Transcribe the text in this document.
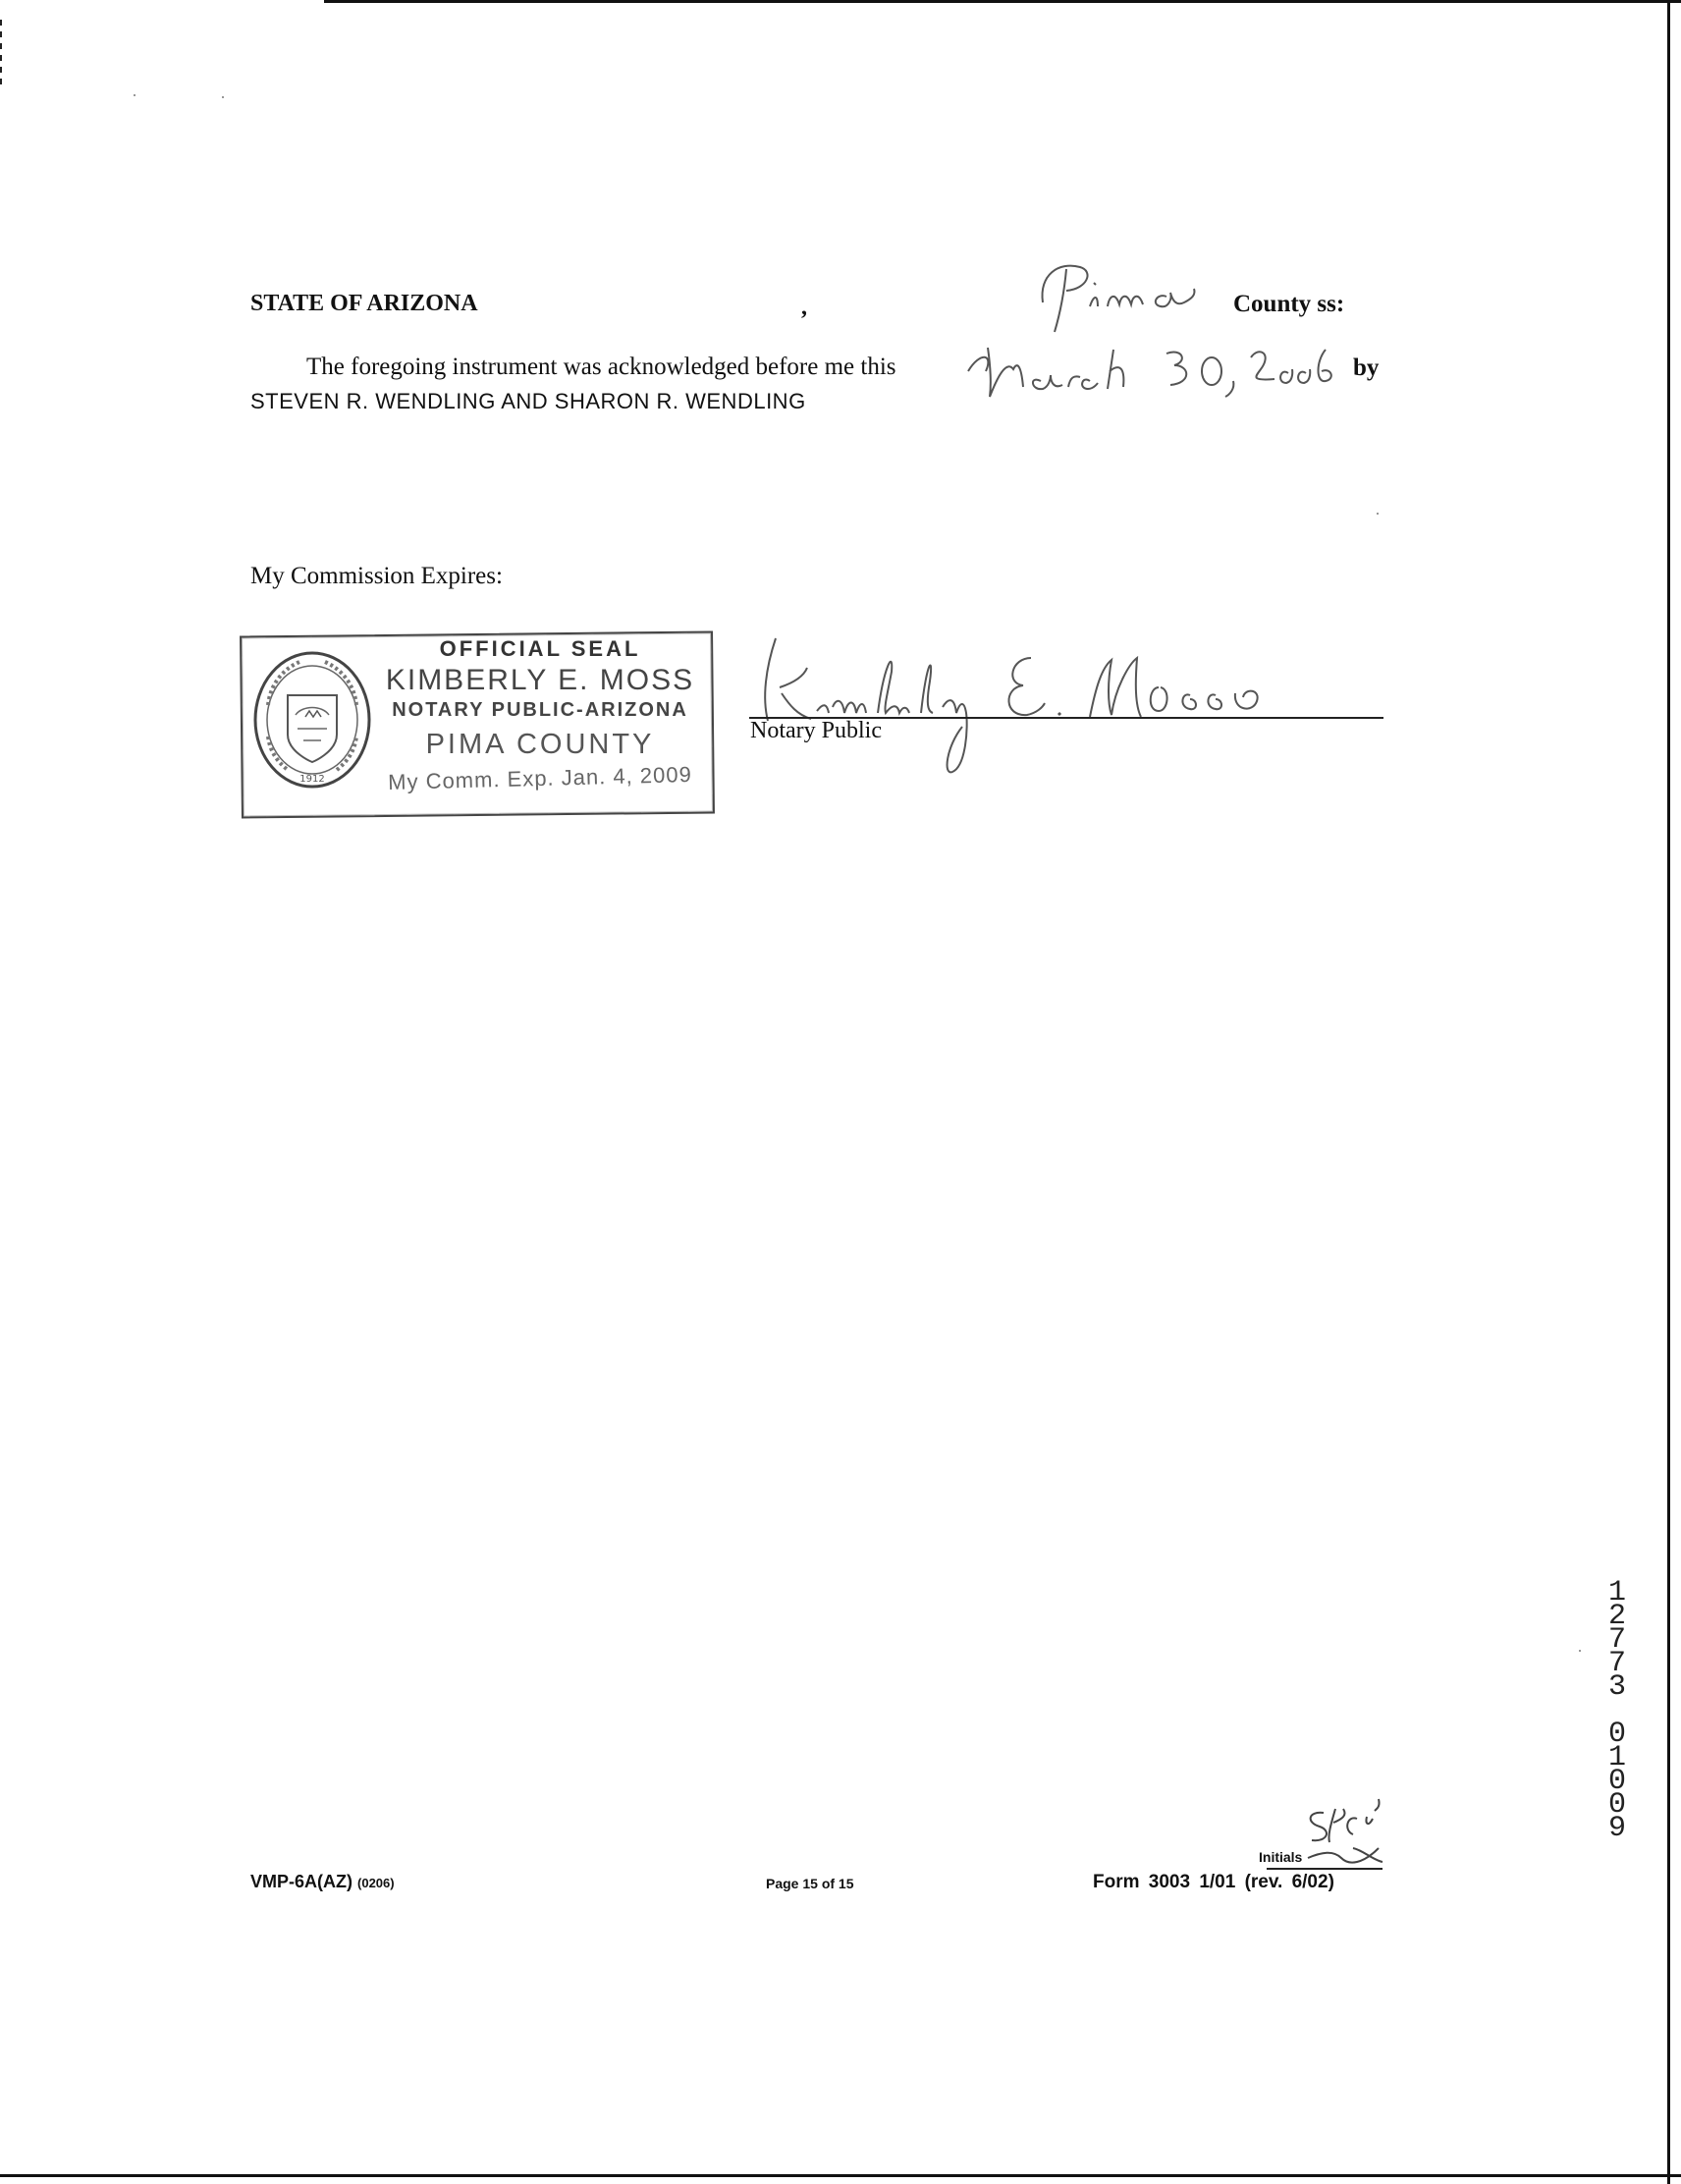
STATE OF ARIZONA	,	County ss:
The foregoing instrument was acknowledged before me this	by
STEVEN R. WENDLING AND SHARON R. WENDLING
My Commission Expires:
1912
OFFICIAL SEAL
KIMBERLY E. MOSS
NOTARY PUBLIC-ARIZONA
PIMA COUNTY
My Comm. Exp. Jan. 4, 2009
Notary Public
1
2
7
7
3
0
1
0
0
9
Initials
VMP-6A(AZ) (0206)	Page 15 of 15	Form 3003 1/01 (rev. 6/02)
